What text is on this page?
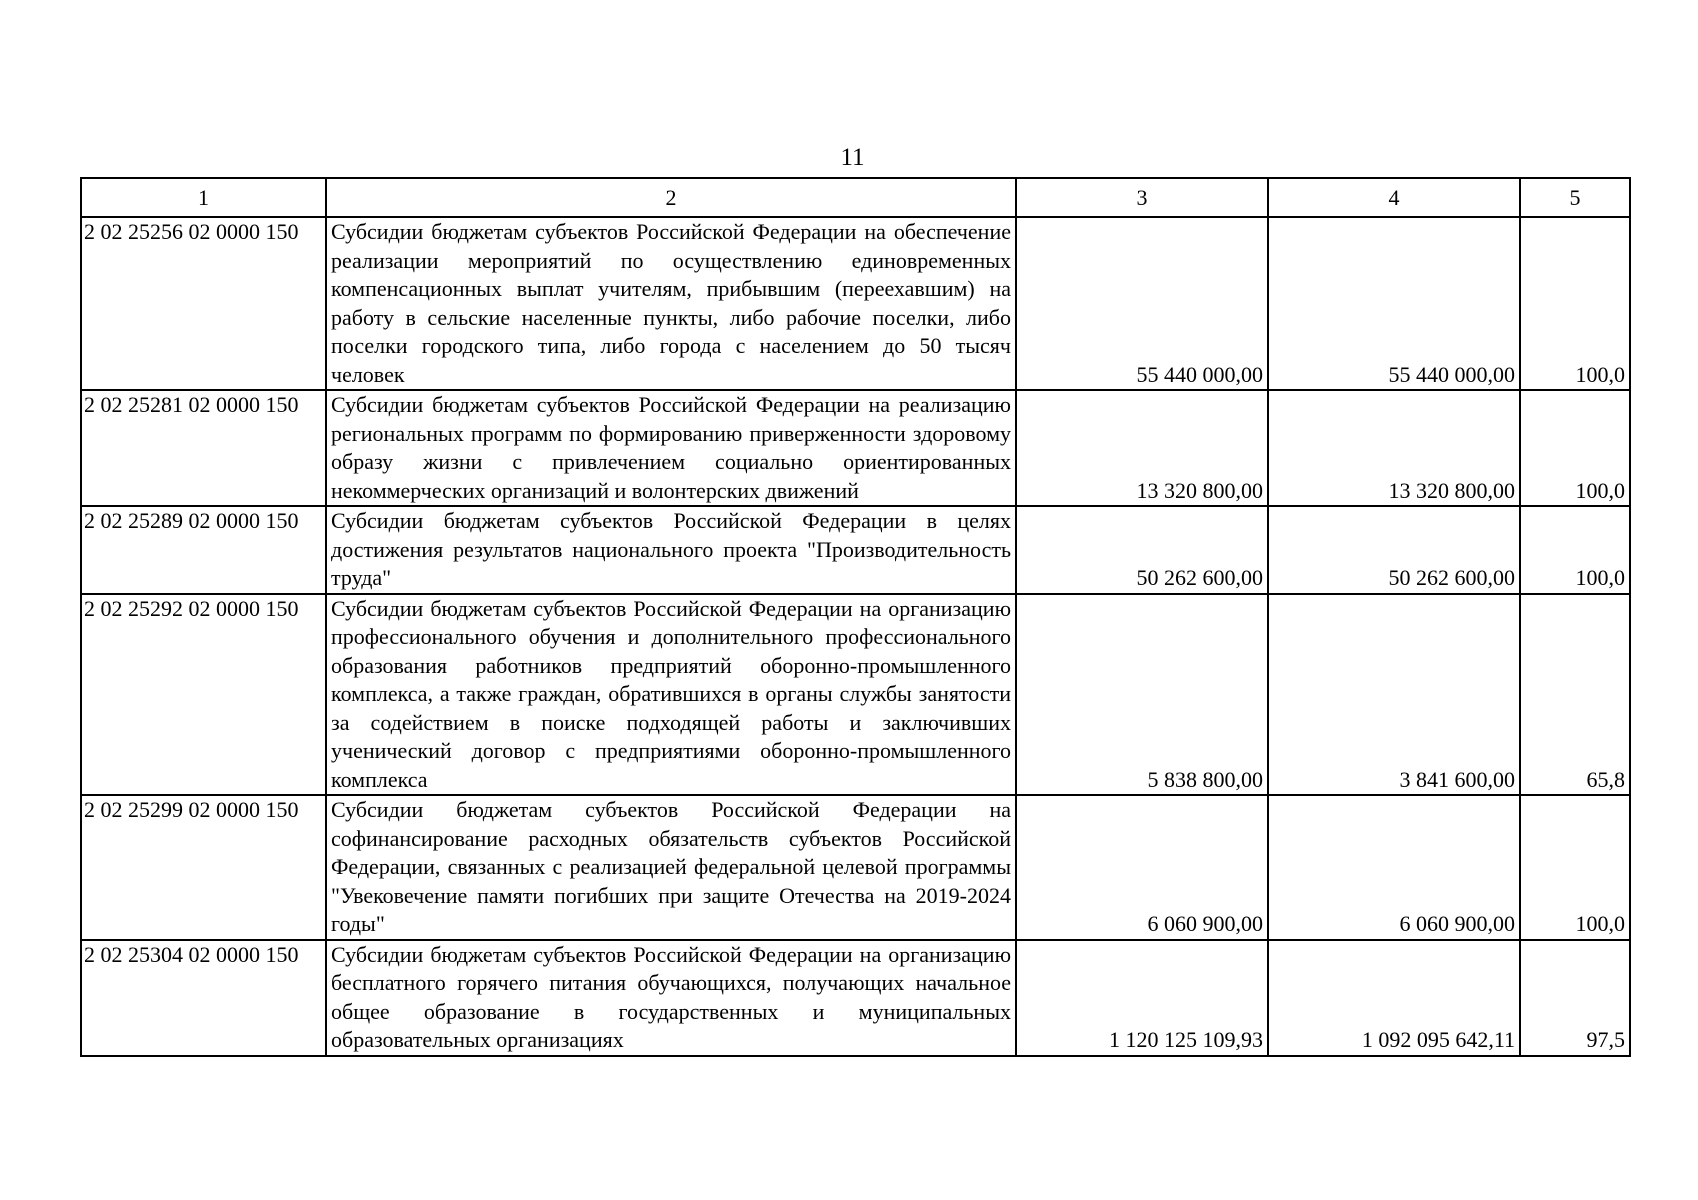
11
1	2	3	4	5
2 02 25256 02 0000 150	Субсидии бюджетам субъектов Российской Федерации на обеспечение реализации мероприятий по осуществлению единовременных компенсационных выплат учителям, прибывшим (переехавшим) на работу в сельские населенные пункты, либо рабочие поселки, либо поселки городского типа, либо города с населением до 50 тысяч человек	55 440 000,00	55 440 000,00	100,0
2 02 25281 02 0000 150	Субсидии бюджетам субъектов Российской Федерации на реализацию региональных программ по формированию приверженности здоровому образу жизни с привлечением социально ориентированных некоммерческих организаций и волонтерских движений	13 320 800,00	13 320 800,00	100,0
2 02 25289 02 0000 150	Субсидии бюджетам субъектов Российской Федерации в целях достижения результатов национального проекта "Производительность труда"	50 262 600,00	50 262 600,00	100,0
2 02 25292 02 0000 150	Субсидии бюджетам субъектов Российской Федерации на организацию профессионального обучения и дополнительного профессионального образования работников предприятий оборонно-промышленного комплекса, а также граждан, обратившихся в органы службы занятости за содействием в поиске подходящей работы и заключивших ученический договор с предприятиями оборонно-промышленного комплекса	5 838 800,00	3 841 600,00	65,8
2 02 25299 02 0000 150	Субсидии бюджетам субъектов Российской Федерации на софинансирование расходных обязательств субъектов Российской Федерации, связанных с реализацией федеральной целевой программы "Увековечение памяти погибших при защите Отечества на 2019-2024 годы"	6 060 900,00	6 060 900,00	100,0
2 02 25304 02 0000 150	Субсидии бюджетам субъектов Российской Федерации на организацию бесплатного горячего питания обучающихся, получающих начальное общее образование в государственных и муниципальных образовательных организациях	1 120 125 109,93	1 092 095 642,11	97,5
